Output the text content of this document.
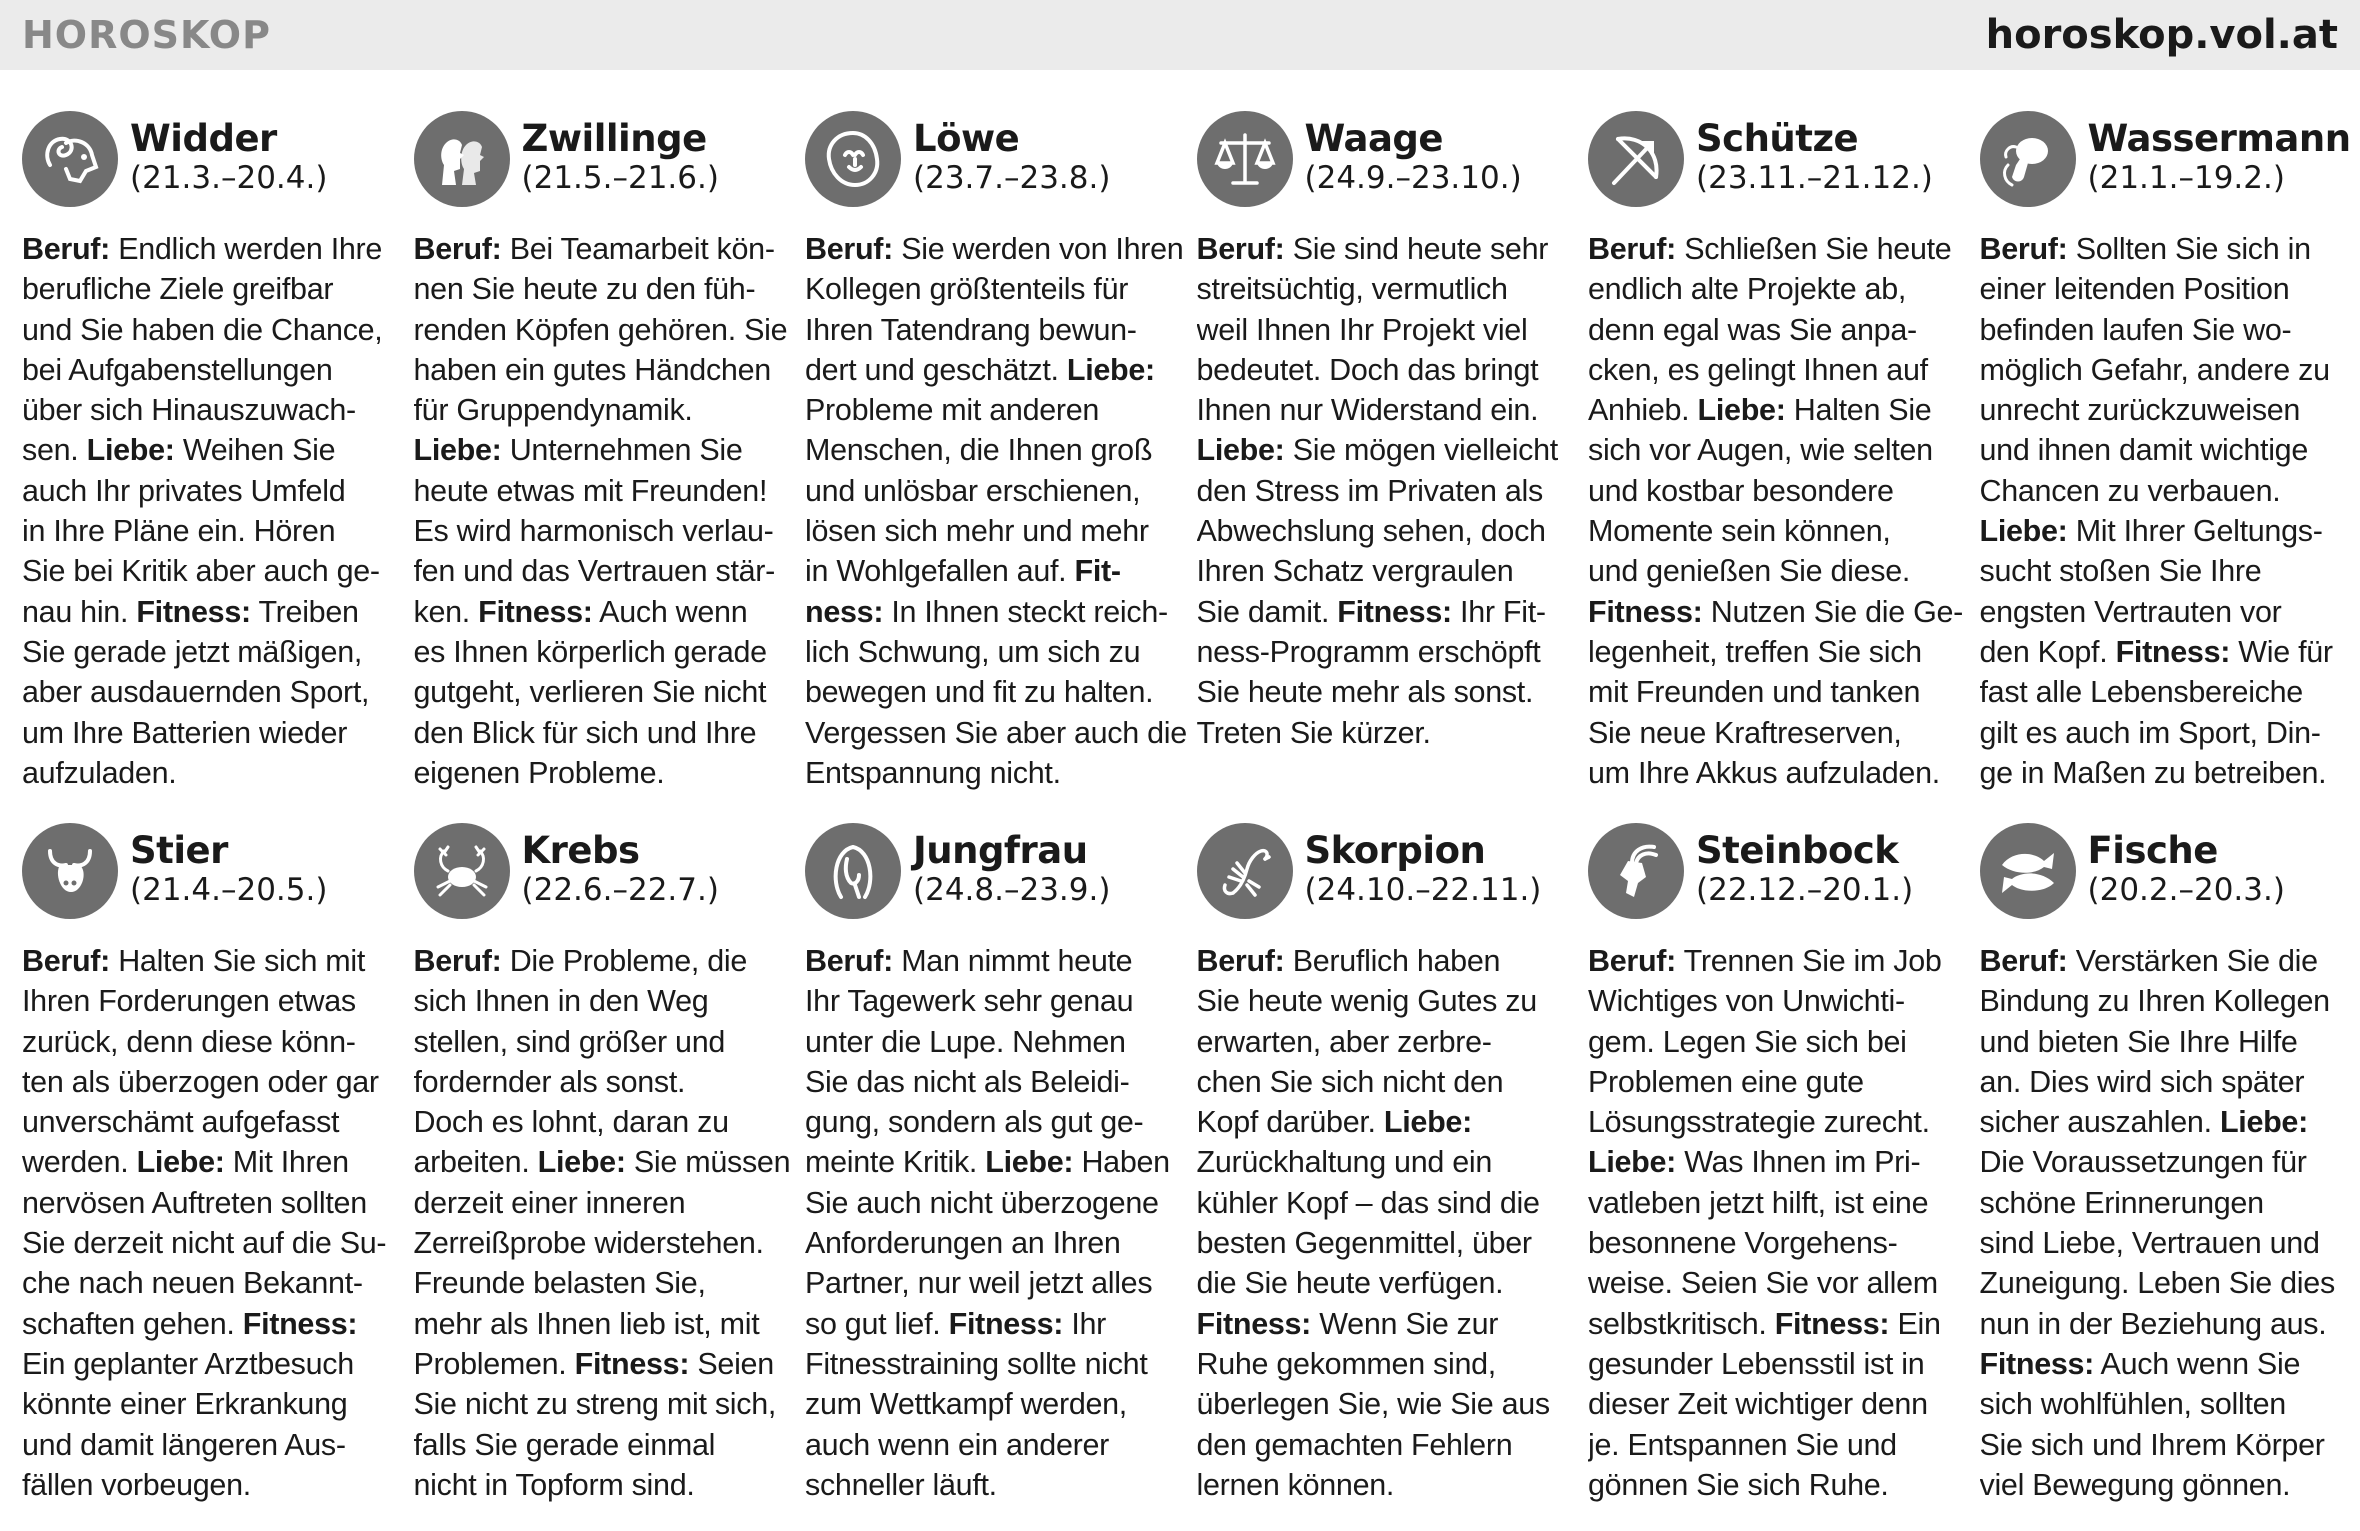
HOROSKOP	horoskop.vol.at
Widder
(21.3.–20.4.)
Beruf: Endlich werden Ihre
berufliche Ziele greifbar
und Sie haben die Chance,
bei Aufgabenstellungen
über sich Hinauszuwach-
sen. Liebe: Weihen Sie
auch Ihr privates Umfeld
in Ihre Pläne ein. Hören
Sie bei Kritik aber auch ge-
nau hin. Fitness: Treiben
Sie gerade jetzt mäßigen,
aber ausdauernden Sport,
um Ihre Batterien wieder
aufzuladen.
Zwillinge
(21.5.–21.6.)
Beruf: Bei Teamarbeit kön-
nen Sie heute zu den füh-
renden Köpfen gehören. Sie
haben ein gutes Händchen
für Gruppendynamik.
Liebe: Unternehmen Sie
heute etwas mit Freunden!
Es wird harmonisch verlau-
fen und das Vertrauen stär-
ken. Fitness: Auch wenn
es Ihnen körperlich gerade
gutgeht, verlieren Sie nicht
den Blick für sich und Ihre
eigenen Probleme.
Löwe
(23.7.–23.8.)
Beruf: Sie werden von Ihren
Kollegen größtenteils für
Ihren Tatendrang bewun-
dert und geschätzt. Liebe:
Probleme mit anderen
Menschen, die Ihnen groß
und unlösbar erschienen,
lösen sich mehr und mehr
in Wohlgefallen auf. Fit-
ness: In Ihnen steckt reich-
lich Schwung, um sich zu
bewegen und fit zu halten.
Vergessen Sie aber auch die
Entspannung nicht.
Waage
(24.9.–23.10.)
Beruf: Sie sind heute sehr
streitsüchtig, vermutlich
weil Ihnen Ihr Projekt viel
bedeutet. Doch das bringt
Ihnen nur Widerstand ein.
Liebe: Sie mögen vielleicht
den Stress im Privaten als
Abwechslung sehen, doch
Ihren Schatz vergraulen
Sie damit. Fitness: Ihr Fit-
ness-Programm erschöpft
Sie heute mehr als sonst.
Treten Sie kürzer.
Schütze
(23.11.–21.12.)
Beruf: Schließen Sie heute
endlich alte Projekte ab,
denn egal was Sie anpa-
cken, es gelingt Ihnen auf
Anhieb. Liebe: Halten Sie
sich vor Augen, wie selten
und kostbar besondere
Momente sein können,
und genießen Sie diese.
Fitness: Nutzen Sie die Ge-
legenheit, treffen Sie sich
mit Freunden und tanken
Sie neue Kraftreserven,
um Ihre Akkus aufzuladen.
Wassermann
(21.1.–19.2.)
Beruf: Sollten Sie sich in
einer leitenden Position
befinden laufen Sie wo-
möglich Gefahr, andere zu
unrecht zurückzuweisen
und ihnen damit wichtige
Chancen zu verbauen.
Liebe: Mit Ihrer Geltungs-
sucht stoßen Sie Ihre
engsten Vertrauten vor
den Kopf. Fitness: Wie für
fast alle Lebensbereiche
gilt es auch im Sport, Din-
ge in Maßen zu betreiben.
Stier
(21.4.–20.5.)
Beruf: Halten Sie sich mit
Ihren Forderungen etwas
zurück, denn diese könn-
ten als überzogen oder gar
unverschämt aufgefasst
werden. Liebe: Mit Ihren
nervösen Auftreten sollten
Sie derzeit nicht auf die Su-
che nach neuen Bekannt-
schaften gehen. Fitness:
Ein geplanter Arztbesuch
könnte einer Erkrankung
und damit längeren Aus-
fällen vorbeugen.
Krebs
(22.6.–22.7.)
Beruf: Die Probleme, die
sich Ihnen in den Weg
stellen, sind größer und
fordernder als sonst.
Doch es lohnt, daran zu
arbeiten. Liebe: Sie müssen
derzeit einer inneren
Zerreißprobe widerstehen.
Freunde belasten Sie,
mehr als Ihnen lieb ist, mit
Problemen. Fitness: Seien
Sie nicht zu streng mit sich,
falls Sie gerade einmal
nicht in Topform sind.
Jungfrau
(24.8.–23.9.)
Beruf: Man nimmt heute
Ihr Tagewerk sehr genau
unter die Lupe. Nehmen
Sie das nicht als Beleidi-
gung, sondern als gut ge-
meinte Kritik. Liebe: Haben
Sie auch nicht überzogene
Anforderungen an Ihren
Partner, nur weil jetzt alles
so gut lief. Fitness: Ihr
Fitnesstraining sollte nicht
zum Wettkampf werden,
auch wenn ein anderer
schneller läuft.
Skorpion
(24.10.–22.11.)
Beruf: Beruflich haben
Sie heute wenig Gutes zu
erwarten, aber zerbre-
chen Sie sich nicht den
Kopf darüber. Liebe:
Zurückhaltung und ein
kühler Kopf – das sind die
besten Gegenmittel, über
die Sie heute verfügen.
Fitness: Wenn Sie zur
Ruhe gekommen sind,
überlegen Sie, wie Sie aus
den gemachten Fehlern
lernen können.
Steinbock
(22.12.–20.1.)
Beruf: Trennen Sie im Job
Wichtiges von Unwichti-
gem. Legen Sie sich bei
Problemen eine gute
Lösungsstrategie zurecht.
Liebe: Was Ihnen im Pri-
vatleben jetzt hilft, ist eine
besonnene Vorgehens-
weise. Seien Sie vor allem
selbstkritisch. Fitness: Ein
gesunder Lebensstil ist in
dieser Zeit wichtiger denn
je. Entspannen Sie und
gönnen Sie sich Ruhe.
Fische
(20.2.–20.3.)
Beruf: Verstärken Sie die
Bindung zu Ihren Kollegen
und bieten Sie Ihre Hilfe
an. Dies wird sich später
sicher auszahlen. Liebe:
Die Voraussetzungen für
schöne Erinnerungen
sind Liebe, Vertrauen und
Zuneigung. Leben Sie dies
nun in der Beziehung aus.
Fitness: Auch wenn Sie
sich wohlfühlen, sollten
Sie sich und Ihrem Körper
viel Bewegung gönnen.
